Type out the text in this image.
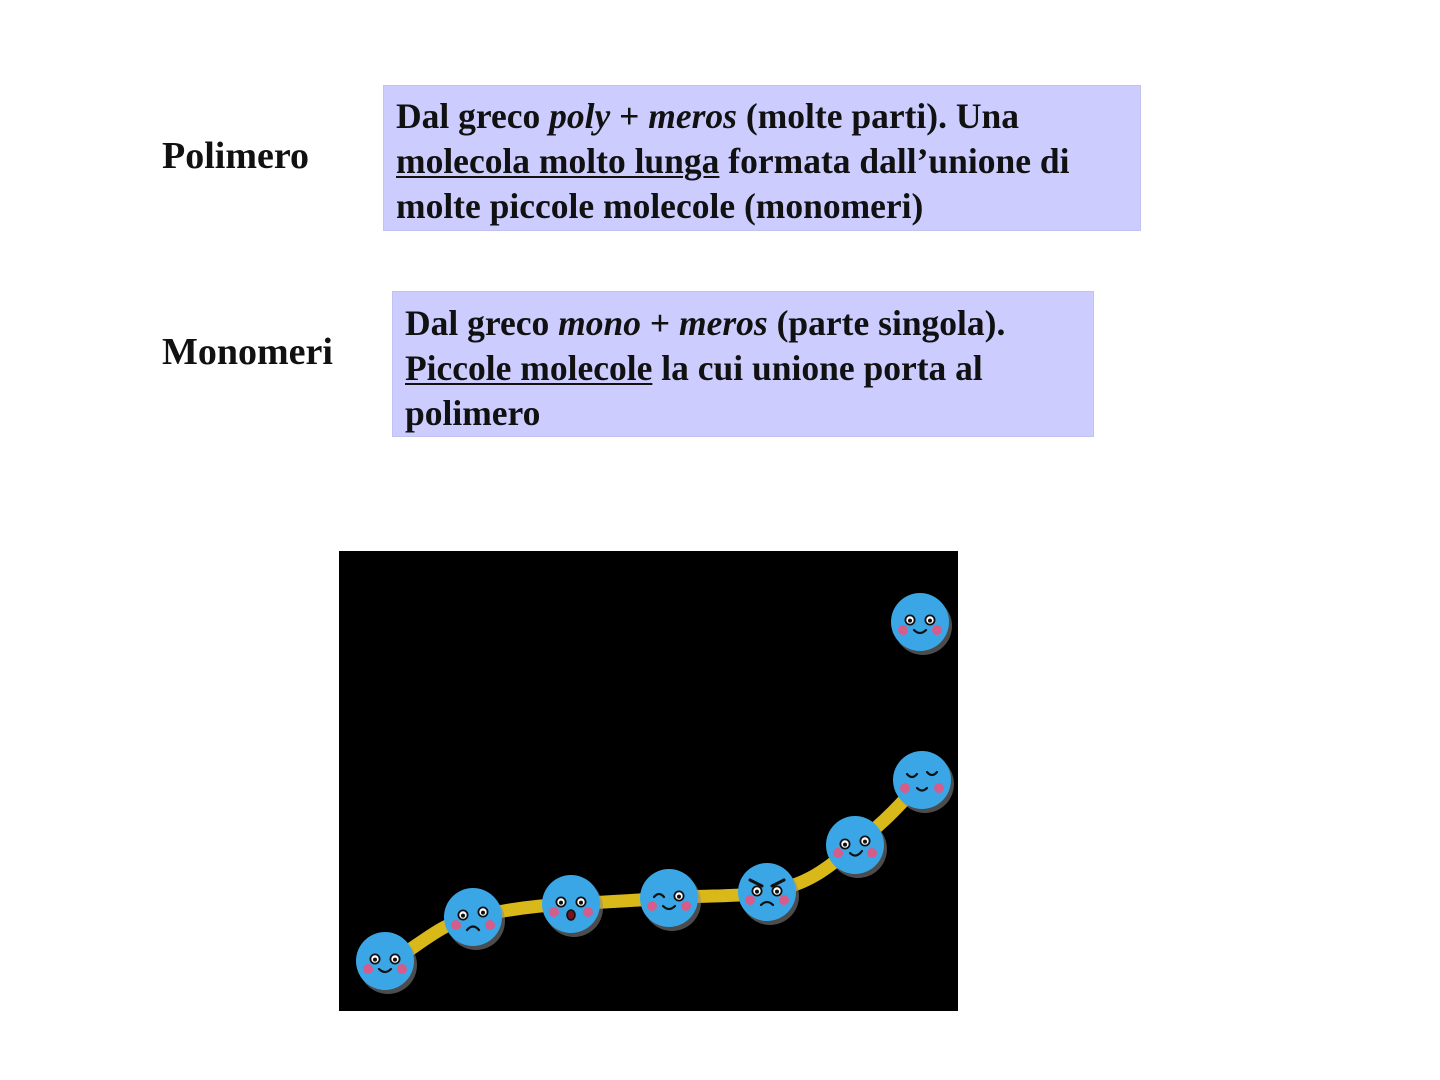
Polimero
Dal greco poly + meros (molte parti). Una molecola molto lunga formata dall’unione di molte piccole molecole (monomeri)
Monomeri
Dal greco mono + meros (parte singola). Piccole molecole la cui unione porta al polimero
